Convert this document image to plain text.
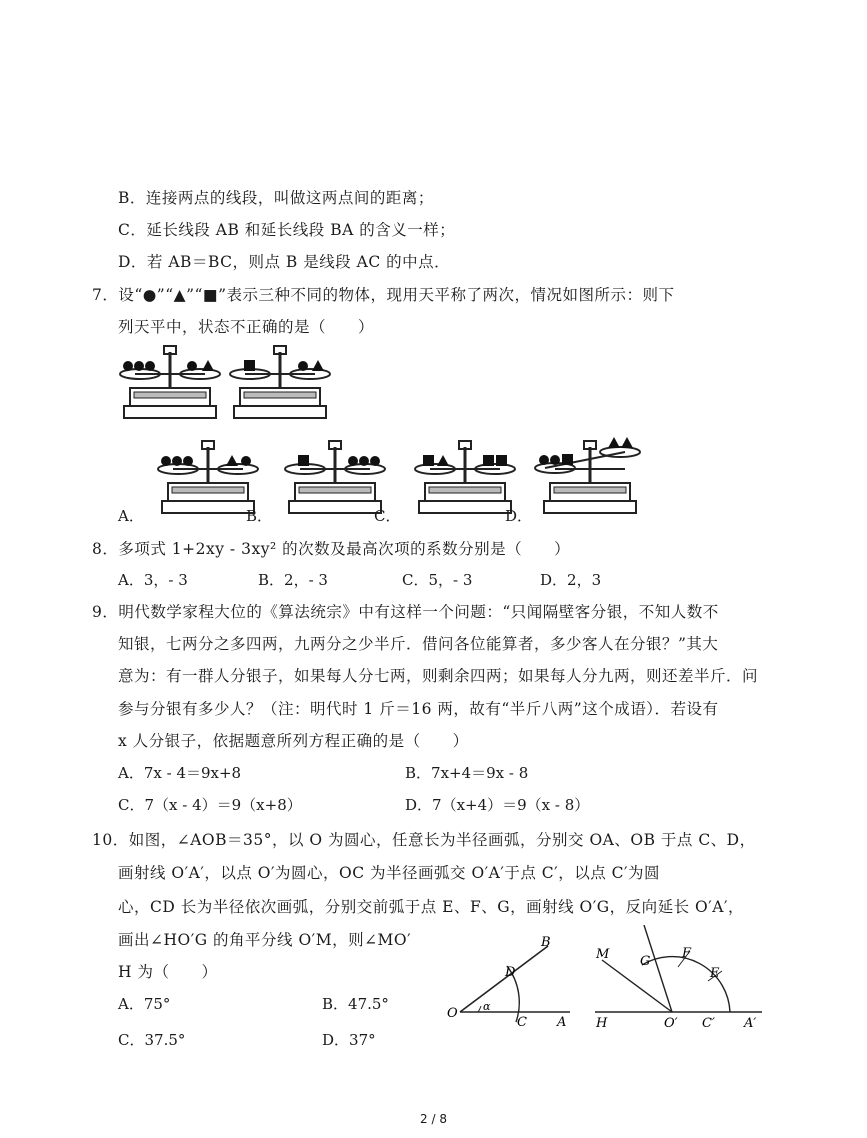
B．连接两点的线段，叫做这两点间的距离；
C．延长线段 AB 和延长线段 BA 的含义一样；
D．若 AB＝BC，则点 B 是线段 AC 的中点．
7．设“●”“▲”“■”表示三种不同的物体，现用天平称了两次，情况如图所示：则下
列天平中，状态不正确的是（　　）
A．	B．	C．	D．
8．多项式 1+2xy - 3xy² 的次数及最高次项的系数分别是（　　）
A．3，- 3	B．2，- 3	C．5，- 3	D．2，3
9．明代数学家程大位的《算法统宗》中有这样一个问题：“只闻隔壁客分银，不知人数不
知银，七两分之多四两，九两分之少半斤．借问各位能算者，多少客人在分银？”其大
意为：有一群人分银子，如果每人分七两，则剩余四两；如果每人分九两，则还差半斤．问
参与分银有多少人？（注：明代时 1 斤＝16 两，故有“半斤八两”这个成语）．若设有
x 人分银子，依据题意所列方程正确的是（　　）
A．7x - 4＝9x+8	B．7x+4＝9x - 8
C．7（x - 4）＝9（x+8）	D．7（x+4）＝9（x - 8）
10．如图，∠AOB＝35°，以 O 为圆心，任意长为半径画弧，分别交 OA、OB 于点 C、D，
画射线 O′A′，以点 O′为圆心，OC 为半径画弧交 O′A′于点 C′，以点 C′为圆
心，CD 长为半径依次画弧，分别交前弧于点 E、F、G，画射线 O′G，反向延长 O′A′，
画出∠HO′G 的角平分线 O′M，则∠MO′
H 为（　　）
A．75°	B．47.5°
C．37.5°	D．37°
O α
C A
D
B
M
H	O′ C′ A′
G
F
E
2 / 8
